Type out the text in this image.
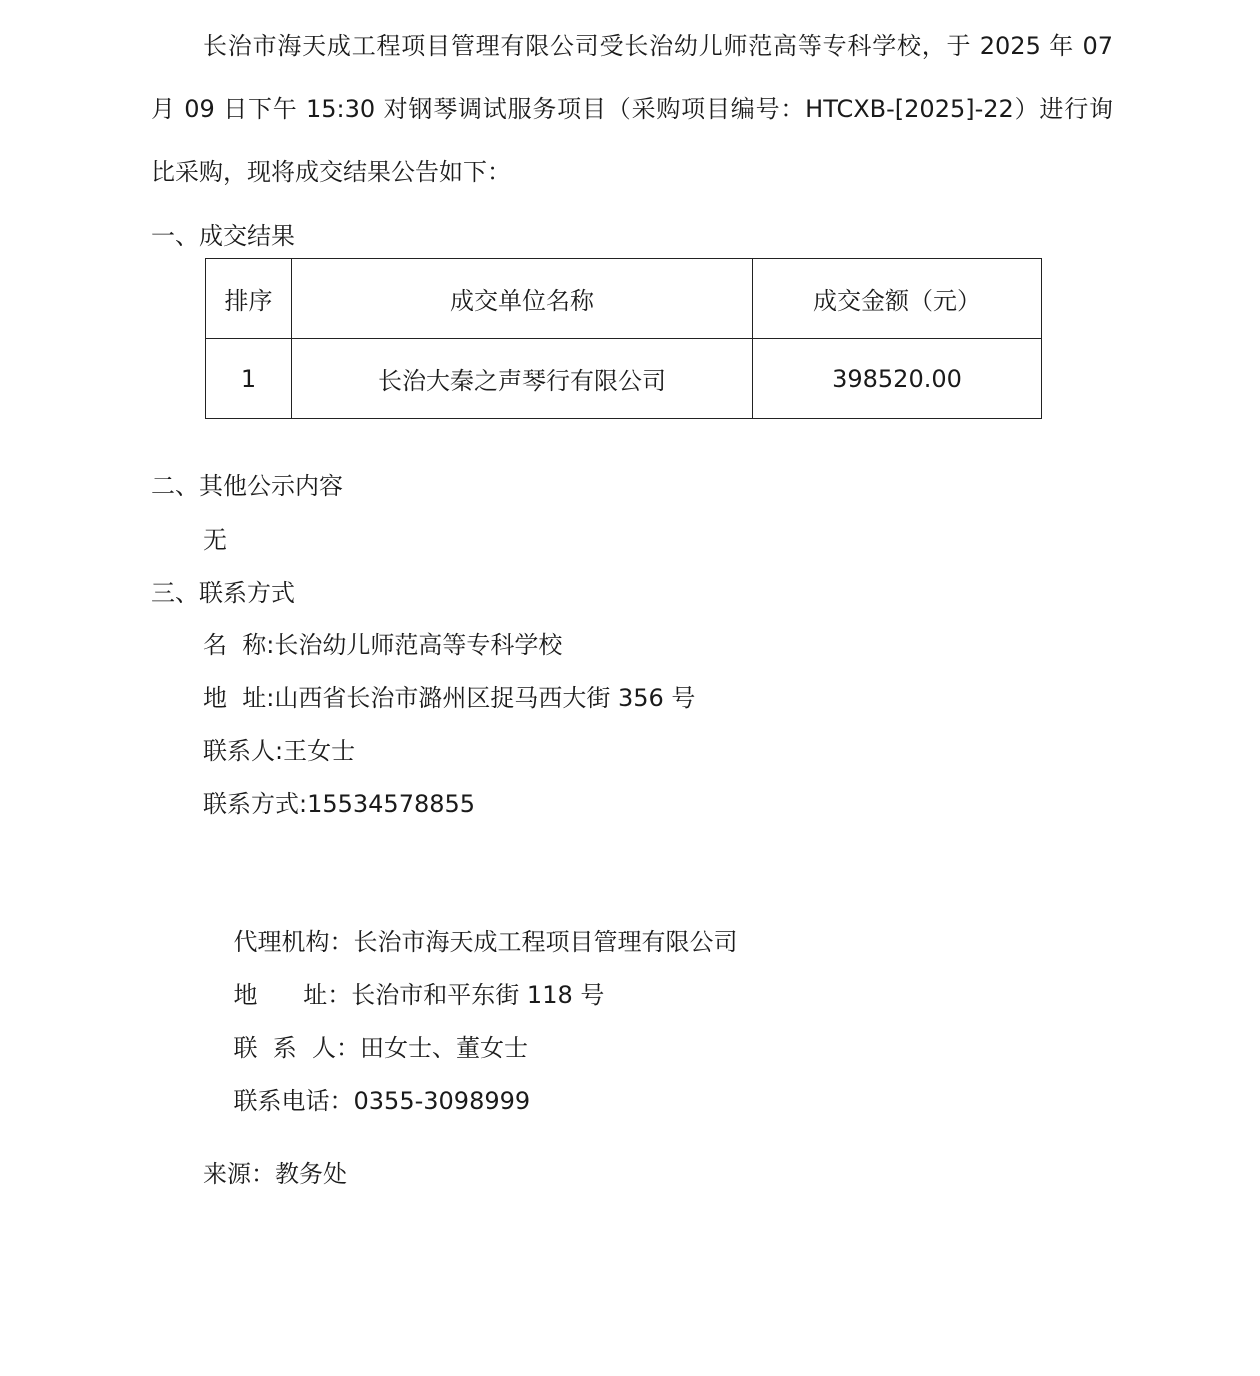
长治市海天成工程项目管理有限公司受长治幼儿师范高等专科学校，于 2025 年 07
月 09 日下午 15:30 对钢琴调试服务项目（采购项目编号：HTCXB-[2025]-22）进行询
比采购，现将成交结果公告如下：
一、成交结果
排序	成交单位名称	成交金额（元）
1	长治大秦之声琴行有限公司	398520.00
二、其他公示内容
无
三、联系方式
名  称:长治幼儿师范高等专科学校
地  址:山西省长治市潞州区捉马西大街 356 号
联系人:王女士
联系方式:15534578855

代理机构：长治市海天成工程项目管理有限公司

地      址：长治市和平东街 118 号

联  系  人：田女士、董女士

联系电话：0355-3098999

来源：教务处
